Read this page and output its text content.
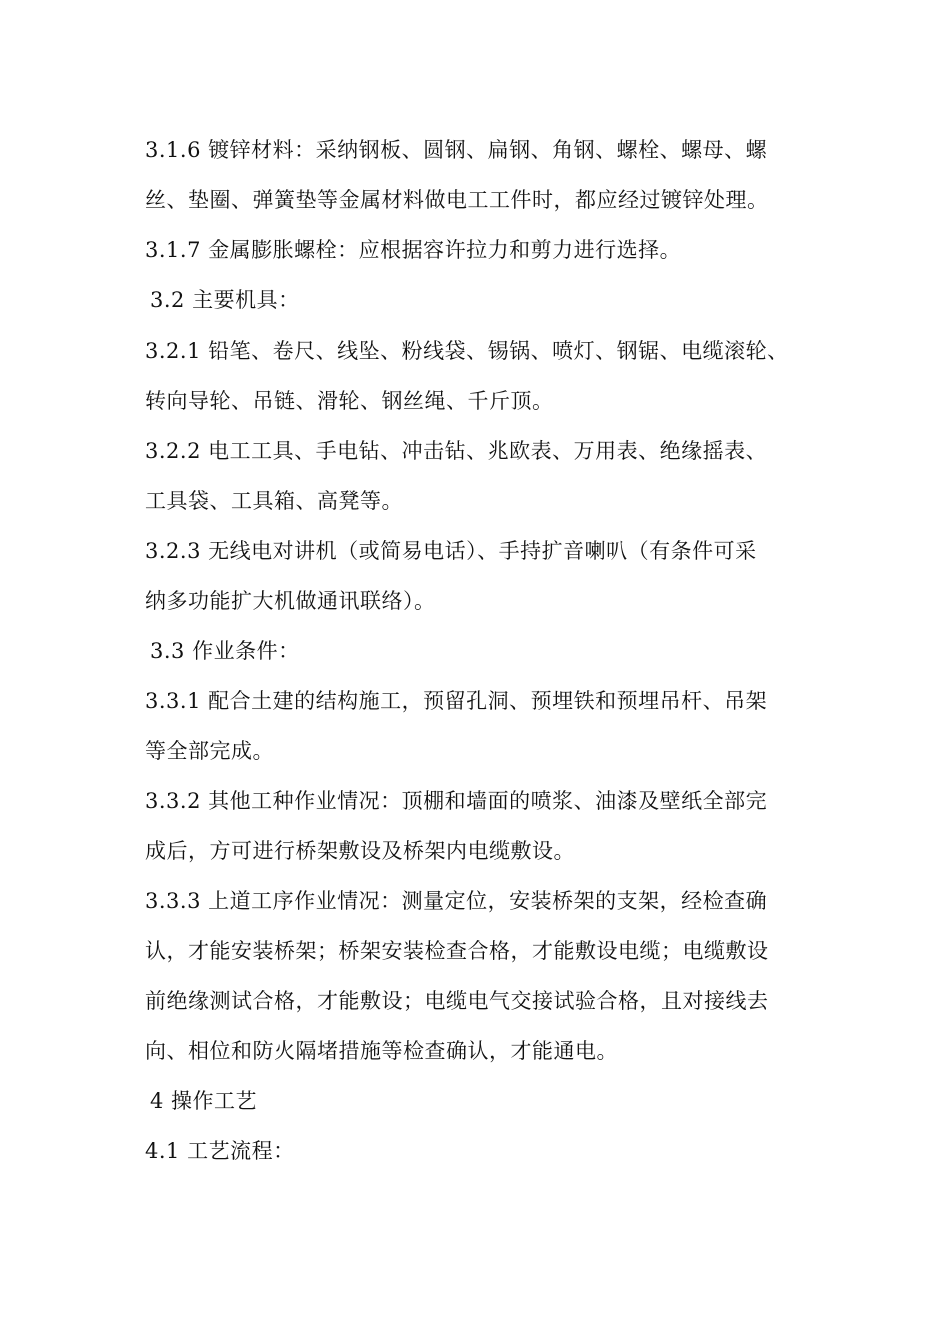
3.1.6 镀锌材料：采纳钢板、圆钢、扁钢、角钢、螺栓、螺母、螺
丝、垫圈、弹簧垫等金属材料做电工工件时，都应经过镀锌处理。
3.1.7 金属膨胀螺栓：应根据容许拉力和剪力进行选择。
3.2 主要机具：
3.2.1 铅笔、卷尺、线坠、粉线袋、锡锅、喷灯、钢锯、电缆滚轮、
转向导轮、吊链、滑轮、钢丝绳、千斤顶。
3.2.2 电工工具、手电钻、冲击钻、兆欧表、万用表、绝缘摇表、
工具袋、工具箱、高凳等。
3.2.3 无线电对讲机（或简易电话）、手持扩音喇叭（有条件可采
纳多功能扩大机做通讯联络）。
3.3 作业条件：
3.3.1 配合土建的结构施工，预留孔洞、预埋铁和预埋吊杆、吊架
等全部完成。
3.3.2 其他工种作业情况：顶棚和墙面的喷浆、油漆及壁纸全部完
成后，方可进行桥架敷设及桥架内电缆敷设。
3.3.3 上道工序作业情况：测量定位，安装桥架的支架，经检查确
认，才能安装桥架；桥架安装检查合格，才能敷设电缆；电缆敷设
前绝缘测试合格，才能敷设；电缆电气交接试验合格，且对接线去
向、相位和防火隔堵措施等检查确认，才能通电。
4 操作工艺
4.1 工艺流程：
